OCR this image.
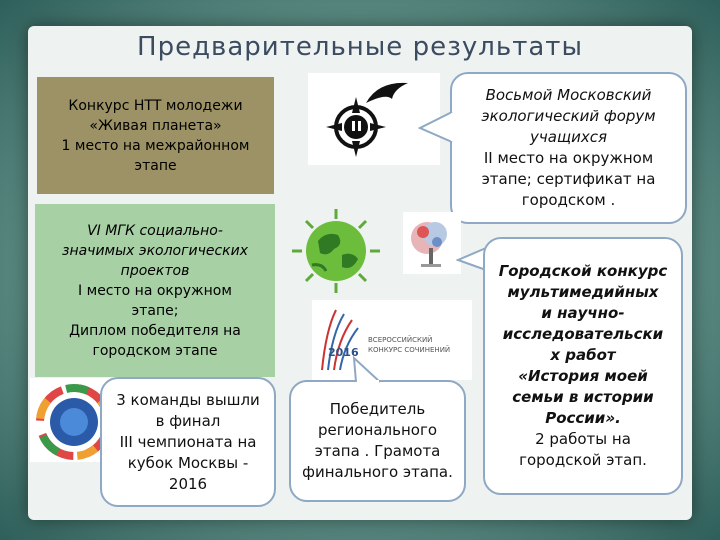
Предварительные результаты
Конкурс НТТ молодежи
«Живая планета»
1 место на межрайонном
этапе
Восьмой Московский
экологический форум
учащихся
II место на окружном
этапе; сертификат на
городском .
VI МГК социально-
значимых экологических
проектов
I место на окружном
этапе;
Диплом победителя на
городском этапе
Городской конкурс
мультимедийных
и научно-
исследовательски
х работ
«История моей
семьи в истории
России».
2 работы на
городской этап.
2016
ВСЕРОССИЙСКИЙ
КОНКУРС СОЧИНЕНИЙ
3 команды вышли
в финал
III чемпионата на
кубок Москвы -
2016
Победитель
регионального
этапа . Грамота
финального этапа.
